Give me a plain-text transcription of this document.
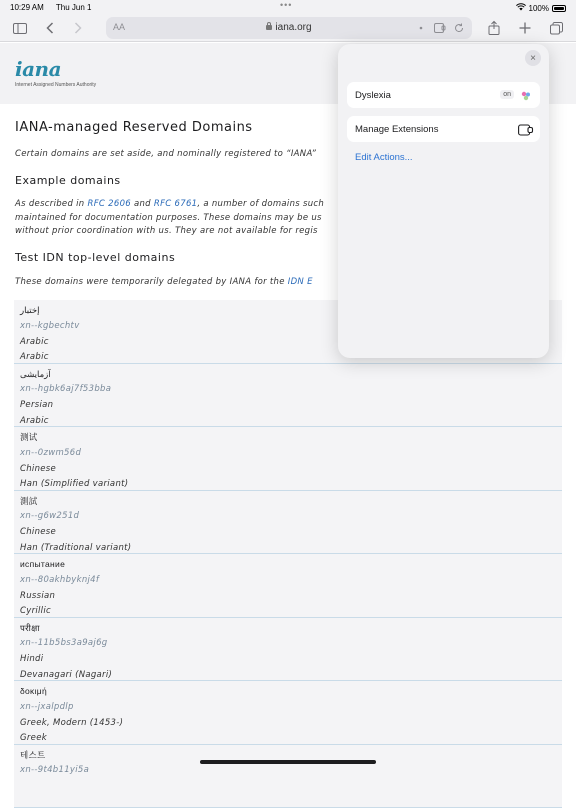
10:29 AM Thu Jun 1	•••	100%
AA	iana.org
iana
Internet Assigned Numbers Authority
IANA-managed Reserved Domains
Certain domains are set aside, and nominally registered to “IANA”
Example domains
As described in RFC 2606 and RFC 6761, a number of domains such
maintained for documentation purposes. These domains may be us
without prior coordination with us. They are not available for regis
Test IDN top-level domains
These domains were temporarily delegated by IANA for the IDN E
إختبار
xn--kgbechtv
Arabic
Arabic
آزمایشی
xn--hgbk6aj7f53bba
Persian
Arabic
测试
xn--0zwm56d
Chinese
Han (Simplified variant)
測試
xn--g6w251d
Chinese
Han (Traditional variant)
испытание
xn--80akhbyknj4f
Russian
Cyrillic
परीक्षा
xn--11b5bs3a9aj6g
Hindi
Devanagari (Nagari)
δοκιμή
xn--jxalpdlp
Greek, Modern (1453-)
Greek
테스트
xn--9t4b11yi5a
×
Dyslexia	on
Manage Extensions
Edit Actions...
